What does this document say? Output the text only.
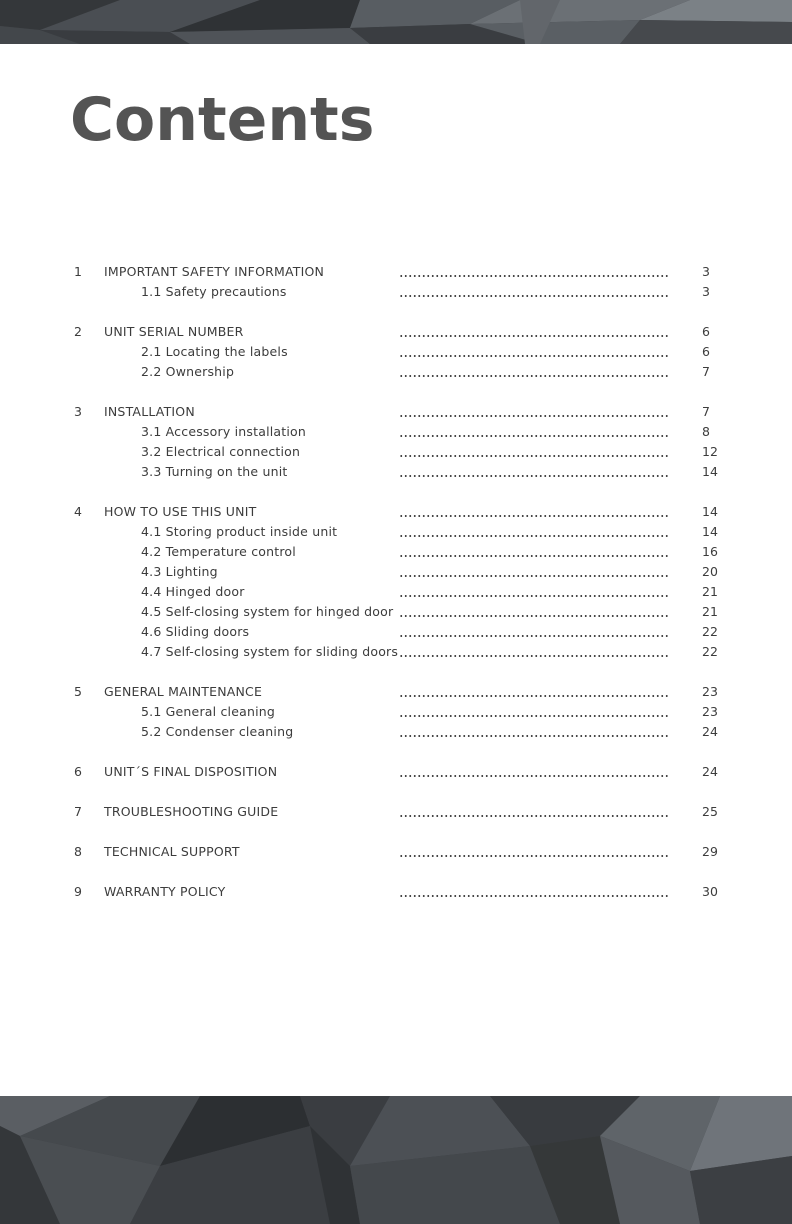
Contents
1 IMPORTANT SAFETY INFORMATION	3
1.1 Safety precautions	3
2 UNIT SERIAL NUMBER	6
2.1 Locating the labels	6
2.2 Ownership	7
3 INSTALLATION	7
3.1 Accessory installation	8
3.2 Electrical connection	12
3.3 Turning on the unit	14
4 HOW TO USE THIS UNIT	14
4.1 Storing product inside unit	14
4.2 Temperature control	16
4.3 Lighting	20
4.4 Hinged door	21
4.5 Self-closing system for hinged door	21
4.6 Sliding doors	22
4.7 Self-closing system for sliding doors	22
5 GENERAL MAINTENANCE	23
5.1 General cleaning	23
5.2 Condenser cleaning	24
6 UNIT´S FINAL DISPOSITION	24
7 TROUBLESHOOTING GUIDE	25
8 TECHNICAL SUPPORT	29
9 WARRANTY POLICY	30
